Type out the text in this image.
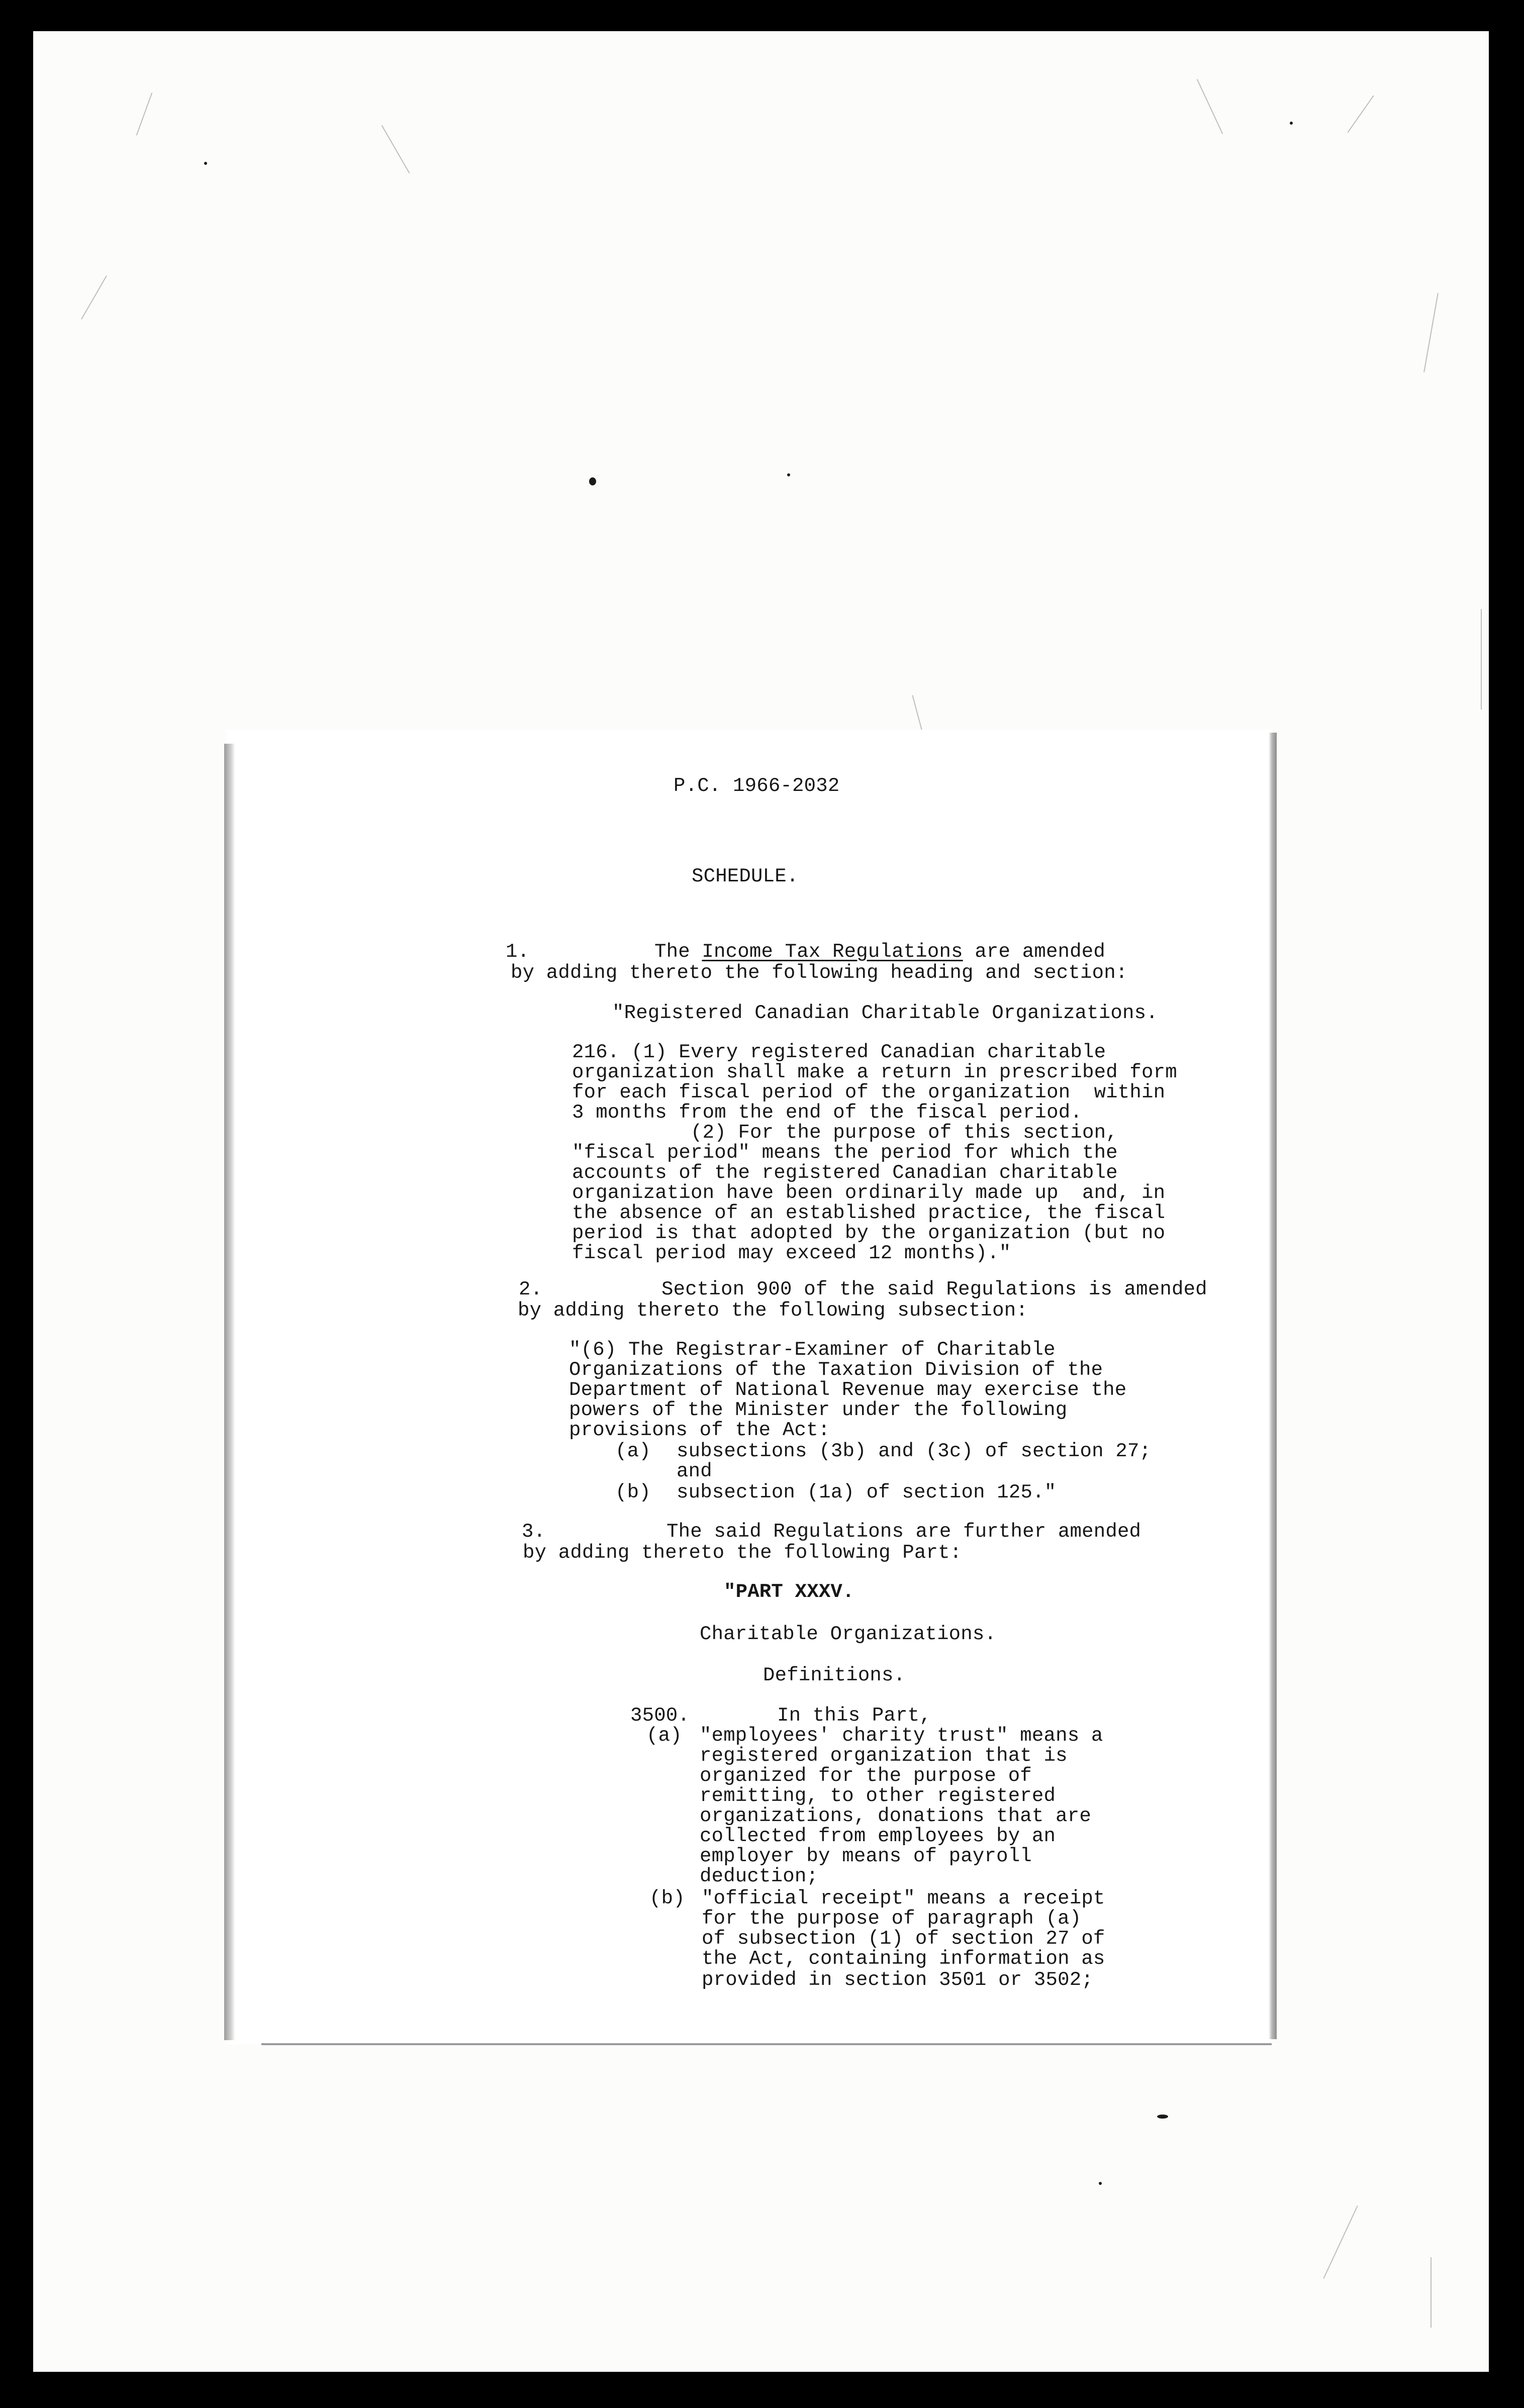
P.C. 1966-2032

SCHEDULE.

1.	The Income Tax Regulations are amended

by adding thereto the following heading and section:

"Registered Canadian Charitable Organizations.

216. (1) Every registered Canadian charitable

organization shall make a return in prescribed form

for each fiscal period of the organization  within

3 months from the end of the fiscal period.

(2) For the purpose of this section,

"fiscal period" means the period for which the

accounts of the registered Canadian charitable

organization have been ordinarily made up  and, in

the absence of an established practice, the fiscal

period is that adopted by the organization (but no

fiscal period may exceed 12 months)."

2.	Section 900 of the said Regulations is amended

by adding thereto the following subsection:

"(6) The Registrar-Examiner of Charitable

Organizations of the Taxation Division of the

Department of National Revenue may exercise the

powers of the Minister under the following

provisions of the Act:

(a) subsections (3b) and (3c) of section 27;

and

(b) subsection (1a) of section 125."

3.	The said Regulations are further amended

by adding thereto the following Part:

"PART XXXV.

Charitable Organizations.

Definitions.

3500.	In this Part,

(a) "employees' charity trust" means a

registered organization that is

organized for the purpose of

remitting, to other registered

organizations, donations that are

collected from employees by an

employer by means of payroll

deduction;

(b) "official receipt" means a receipt

for the purpose of paragraph (a)

of subsection (1) of section 27 of

the Act, containing information as

provided in section 3501 or 3502;
